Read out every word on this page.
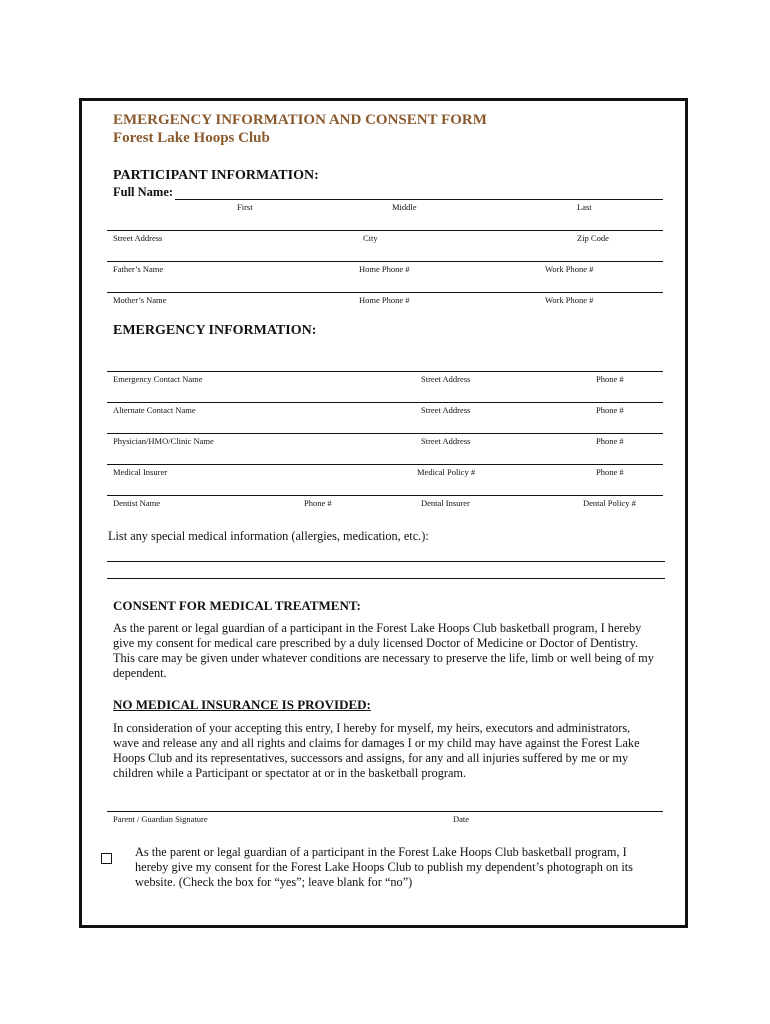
EMERGENCY INFORMATION AND CONSENT FORM
Forest Lake Hoops Club
PARTICIPANT INFORMATION:
Full Name:
First	Middle	Last
Street Address	City	Zip Code
Father’s Name	Home Phone #	Work Phone #
Mother’s Name	Home Phone #	Work Phone #
EMERGENCY INFORMATION:
Emergency Contact Name	Street Address	Phone #
Alternate Contact Name	Street Address	Phone #
Physician/HMO/Clinic Name	Street Address	Phone #
Medical Insurer	Medical Policy #	Phone #
Dentist Name	Phone #	Dental Insurer	Dental Policy #
List any special medical information (allergies, medication, etc.):
CONSENT FOR MEDICAL TREATMENT:
As the parent or legal guardian of a participant in the Forest Lake Hoops Club basketball program, I hereby give my consent for medical care prescribed by a duly licensed Doctor of Medicine or Doctor of Dentistry. This care may be given under whatever conditions are necessary to preserve the life, limb or well being of my dependent.
NO MEDICAL INSURANCE IS PROVIDED:
In consideration of your accepting this entry, I hereby for myself, my heirs, executors and administrators, wave and release any and all rights and claims for damages I or my child may have against the Forest Lake Hoops Club and its representatives, successors and assigns, for any and all injuries suffered by me or my children while a Participant or spectator at or in the basketball program.
Parent / Guardian Signature	Date
As the parent or legal guardian of a participant in the Forest Lake Hoops Club basketball program, I hereby give my consent for the Forest Lake Hoops Club to publish my dependent’s photograph on its website. (Check the box for “yes”; leave blank for “no”)
